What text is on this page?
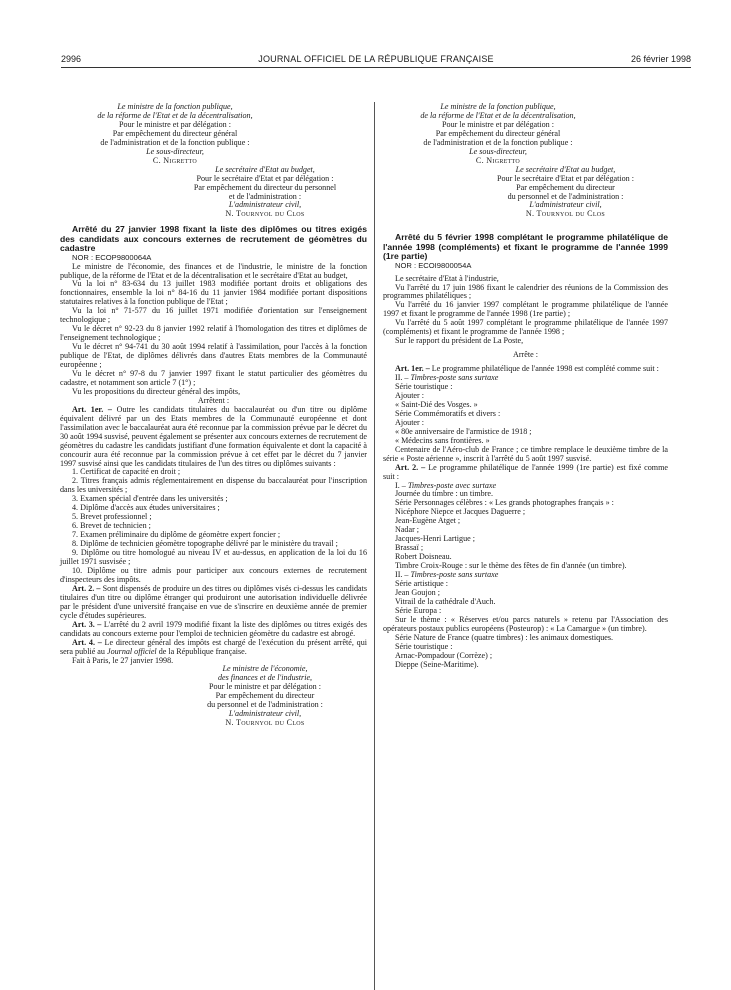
2996	JOURNAL OFFICIEL DE LA RÉPUBLIQUE FRANÇAISE	26 février 1998
Le ministre de la fonction publique,
de la réforme de l'Etat et de la décentralisation,
Pour le ministre et par délégation :
Par empêchement du directeur général
de l'administration et de la fonction publique :
Le sous-directeur,
C. Nigretto
Le secrétaire d'Etat au budget,
Pour le secrétaire d'Etat et par délégation :
Par empêchement du directeur du personnel
et de l'administration :
L'administrateur civil,
N. Tournyol du Clos

Arrêté du 27 janvier 1998 fixant la liste des diplômes ou titres exigés des candidats aux concours externes de recrutement de géomètres du cadastre

NOR : ECOP9800064A

Le ministre de l'économie, des finances et de l'industrie, le ministre de la fonction publique, de la réforme de l'Etat et de la décentralisation et le secrétaire d'Etat au budget,

Vu la loi n° 83-634 du 13 juillet 1983 modifiée portant droits et obligations des fonctionnaires, ensemble la loi n° 84-16 du 11 janvier 1984 modifiée portant dispositions statutaires relatives à la fonction publique de l'Etat ;

Vu la loi n° 71-577 du 16 juillet 1971 modifiée d'orientation sur l'enseignement technologique ;

Vu le décret n° 92-23 du 8 janvier 1992 relatif à l'homologation des titres et diplômes de l'enseignement technologique ;

Vu le décret n° 94-741 du 30 août 1994 relatif à l'assimilation, pour l'accès à la fonction publique de l'Etat, de diplômes délivrés dans d'autres Etats membres de la Communauté européenne ;

Vu le décret n° 97-8 du 7 janvier 1997 fixant le statut particulier des géomètres du cadastre, et notamment son article 7 (1°) ;

Vu les propositions du directeur général des impôts,

Arrêtent :

Art. 1er. – Outre les candidats titulaires du baccalauréat ou d'un titre ou diplôme équivalent délivré par un des Etats membres de la Communauté européenne et dont l'assimilation avec le baccalauréat aura été reconnue par la commission prévue par le décret du 30 août 1994 susvisé, peuvent également se présenter aux concours externes de recrutement de géomètres du cadastre les candidats justifiant d'une formation équivalente et dont la capacité à concourir aura été reconnue par la commission prévue à cet effet par le décret du 7 janvier 1997 susvisé ainsi que les candidats titulaires de l'un des titres ou diplômes suivants :

1. Certificat de capacité en droit ;

2. Titres français admis réglementairement en dispense du baccalauréat pour l'inscription dans les universités ;

3. Examen spécial d'entrée dans les universités ;

4. Diplôme d'accès aux études universitaires ;

5. Brevet professionnel ;

6. Brevet de technicien ;

7. Examen préliminaire du diplôme de géomètre expert foncier ;

8. Diplôme de technicien géomètre topographe délivré par le ministère du travail ;

9. Diplôme ou titre homologué au niveau IV et au-dessus, en application de la loi du 16 juillet 1971 susvisée ;

10. Diplôme ou titre admis pour participer aux concours externes de recrutement d'inspecteurs des impôts.

Art. 2. – Sont dispensés de produire un des titres ou diplômes visés ci-dessus les candidats titulaires d'un titre ou diplôme étranger qui produiront une autorisation individuelle délivrée par le président d'une université française en vue de s'inscrire en deuxième année de premier cycle d'études supérieures.

Art. 3. – L'arrêté du 2 avril 1979 modifié fixant la liste des diplômes ou titres exigés des candidats au concours externe pour l'emploi de technicien géomètre du cadastre est abrogé.

Art. 4. – Le directeur général des impôts est chargé de l'exécution du présent arrêté, qui sera publié au Journal officiel de la République française.

Fait à Paris, le 27 janvier 1998.

Le ministre de l'économie,
des finances et de l'industrie,
Pour le ministre et par délégation :
Par empêchement du directeur
du personnel et de l'administration :
L'administrateur civil,
N. Tournyol du Clos
Le ministre de la fonction publique,
de la réforme de l'Etat et de la décentralisation,
Pour le ministre et par délégation :
Par empêchement du directeur général
de l'administration et de la fonction publique :
Le sous-directeur,
C. Nigretto
Le secrétaire d'Etat au budget,
Pour le secrétaire d'Etat et par délégation :
Par empêchement du directeur
du personnel et de l'administration :
L'administrateur civil,
N. Tournyol du Clos

Arrêté du 5 février 1998 complétant le programme philatélique de l'année 1998 (compléments) et fixant le programme de l'année 1999 (1re partie)

NOR : ECOI9800054A

Le secrétaire d'Etat à l'industrie,

Vu l'arrêté du 17 juin 1986 fixant le calendrier des réunions de la Commission des programmes philatéliques ;

Vu l'arrêté du 16 janvier 1997 complétant le programme philatélique de l'année 1997 et fixant le programme de l'année 1998 (1re partie) ;

Vu l'arrêté du 5 août 1997 complétant le programme philatélique de l'année 1997 (compléments) et fixant le programme de l'année 1998 ;

Sur le rapport du président de La Poste,

Arrête :

Art. 1er. – Le programme philatélique de l'année 1998 est complété comme suit :

II. – Timbres-poste sans surtaxe

Série touristique :

Ajouter :

« Saint-Dié des Vosges. »

Série Commémoratifs et divers :

Ajouter :

« 80e anniversaire de l'armistice de 1918 ;

« Médecins sans frontières. »

Centenaire de l'Aéro-club de France ; ce timbre remplace le deuxième timbre de la série « Poste aérienne », inscrit à l'arrêté du 5 août 1997 susvisé.

Art. 2. – Le programme philatélique de l'année 1999 (1re partie) est fixé comme suit :

I. – Timbres-poste avec surtaxe

Journée du timbre : un timbre.

Série Personnages célèbres : « Les grands photographes français » :

Nicéphore Niepce et Jacques Daguerre ;

Jean-Eugène Atget ;

Nadar ;

Jacques-Henri Lartigue ;

Brassaï ;

Robert Doisneau.

Timbre Croix-Rouge : sur le thème des fêtes de fin d'année (un timbre).

II. – Timbres-poste sans surtaxe

Série artistique :

Jean Goujon ;

Vitrail de la cathédrale d'Auch.

Série Europa :

Sur le thème : « Réserves et/ou parcs naturels » retenu par l'Association des opérateurs postaux publics européens (Posteurop) : « La Camargue » (un timbre).

Série Nature de France (quatre timbres) : les animaux domestiques.

Série touristique :

Arnac-Pompadour (Corrèze) ;

Dieppe (Seine-Maritime).
